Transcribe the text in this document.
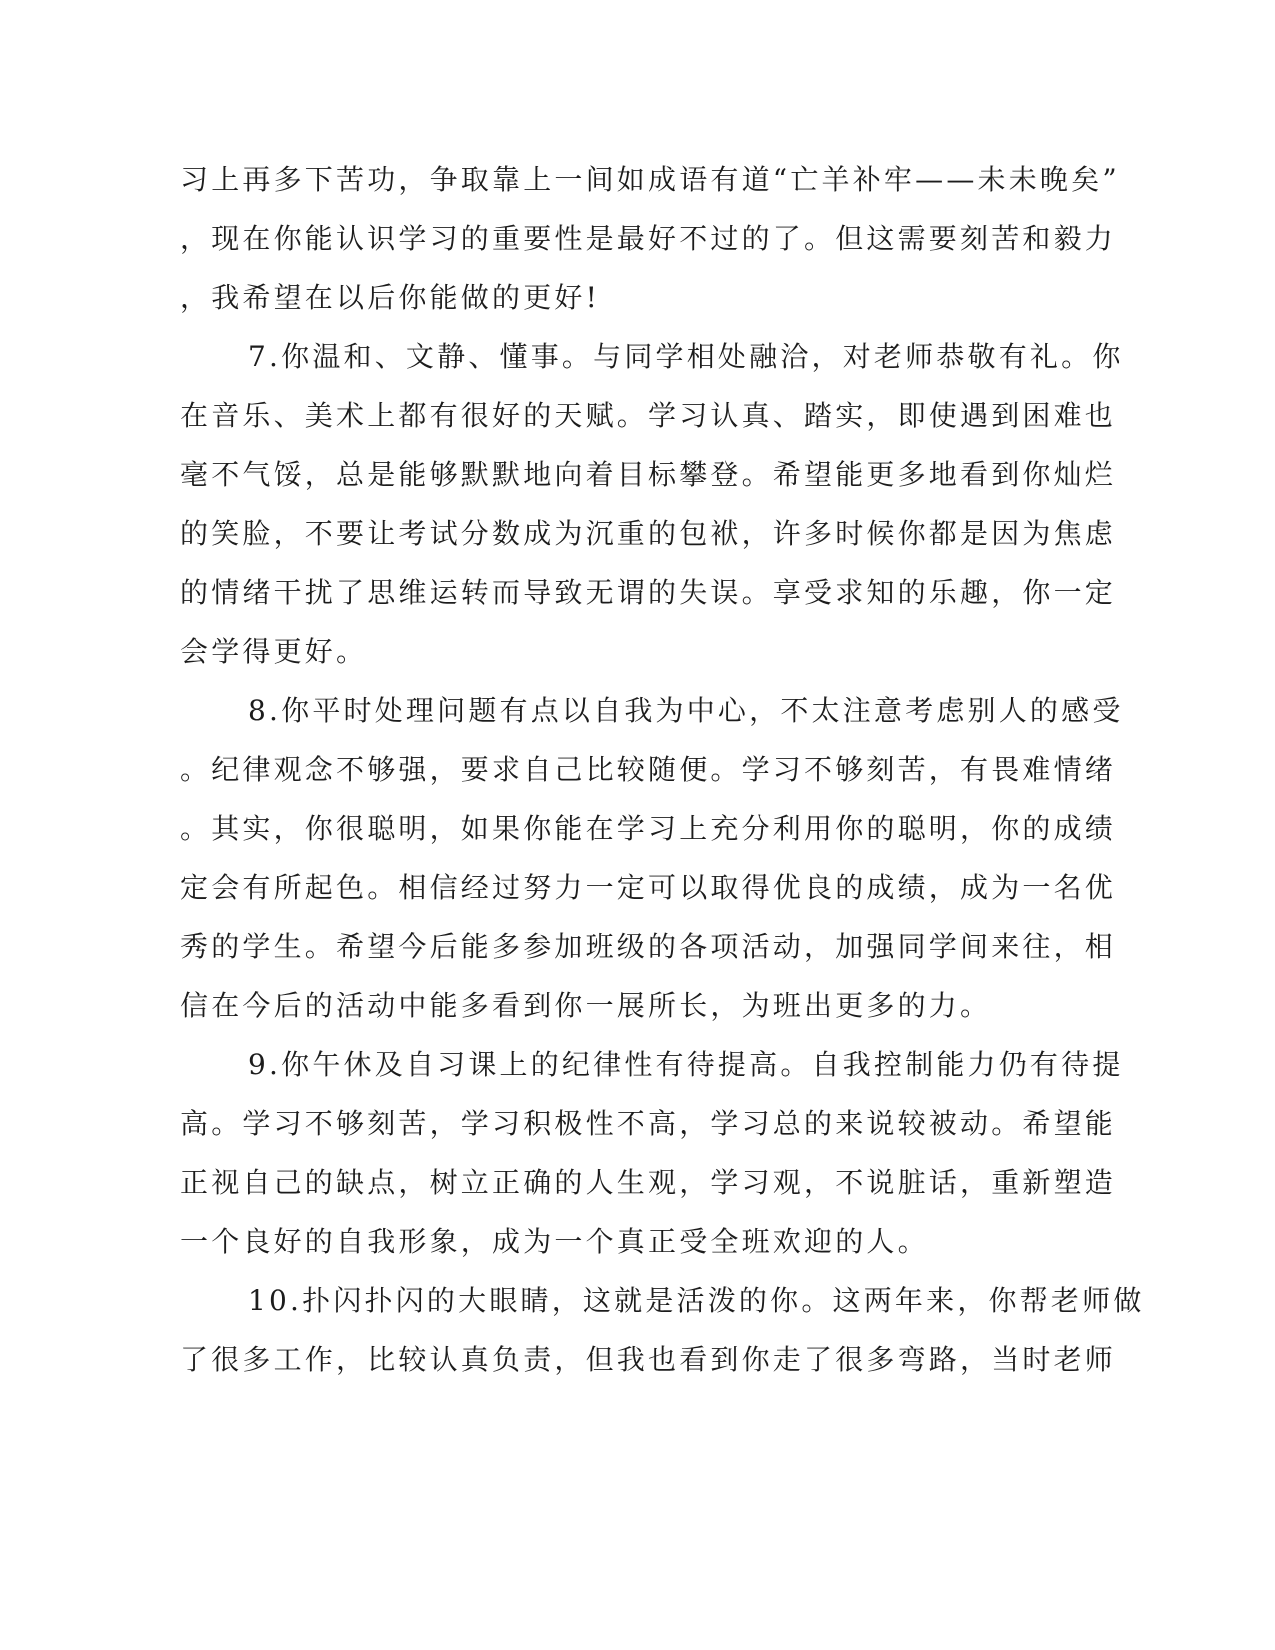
习上再多下苦功，争取靠上一间如成语有道“亡羊补牢——未未晚矣”
，现在你能认识学习的重要性是最好不过的了。但这需要刻苦和毅力
，我希望在以后你能做的更好!
7.你温和、文静、懂事。与同学相处融洽，对老师恭敬有礼。你
在音乐、美术上都有很好的天赋。学习认真、踏实，即使遇到困难也
毫不气馁，总是能够默默地向着目标攀登。希望能更多地看到你灿烂
的笑脸，不要让考试分数成为沉重的包袱，许多时候你都是因为焦虑
的情绪干扰了思维运转而导致无谓的失误。享受求知的乐趣，你一定
会学得更好。
8.你平时处理问题有点以自我为中心，不太注意考虑别人的感受
。纪律观念不够强，要求自己比较随便。学习不够刻苦，有畏难情绪
。其实，你很聪明，如果你能在学习上充分利用你的聪明，你的成绩
定会有所起色。相信经过努力一定可以取得优良的成绩，成为一名优
秀的学生。希望今后能多参加班级的各项活动，加强同学间来往，相
信在今后的活动中能多看到你一展所长，为班出更多的力。
9.你午休及自习课上的纪律性有待提高。自我控制能力仍有待提
高。学习不够刻苦，学习积极性不高，学习总的来说较被动。希望能
正视自己的缺点，树立正确的人生观，学习观，不说脏话，重新塑造
一个良好的自我形象，成为一个真正受全班欢迎的人。
10.扑闪扑闪的大眼睛，这就是活泼的你。这两年来，你帮老师做
了很多工作，比较认真负责，但我也看到你走了很多弯路，当时老师
